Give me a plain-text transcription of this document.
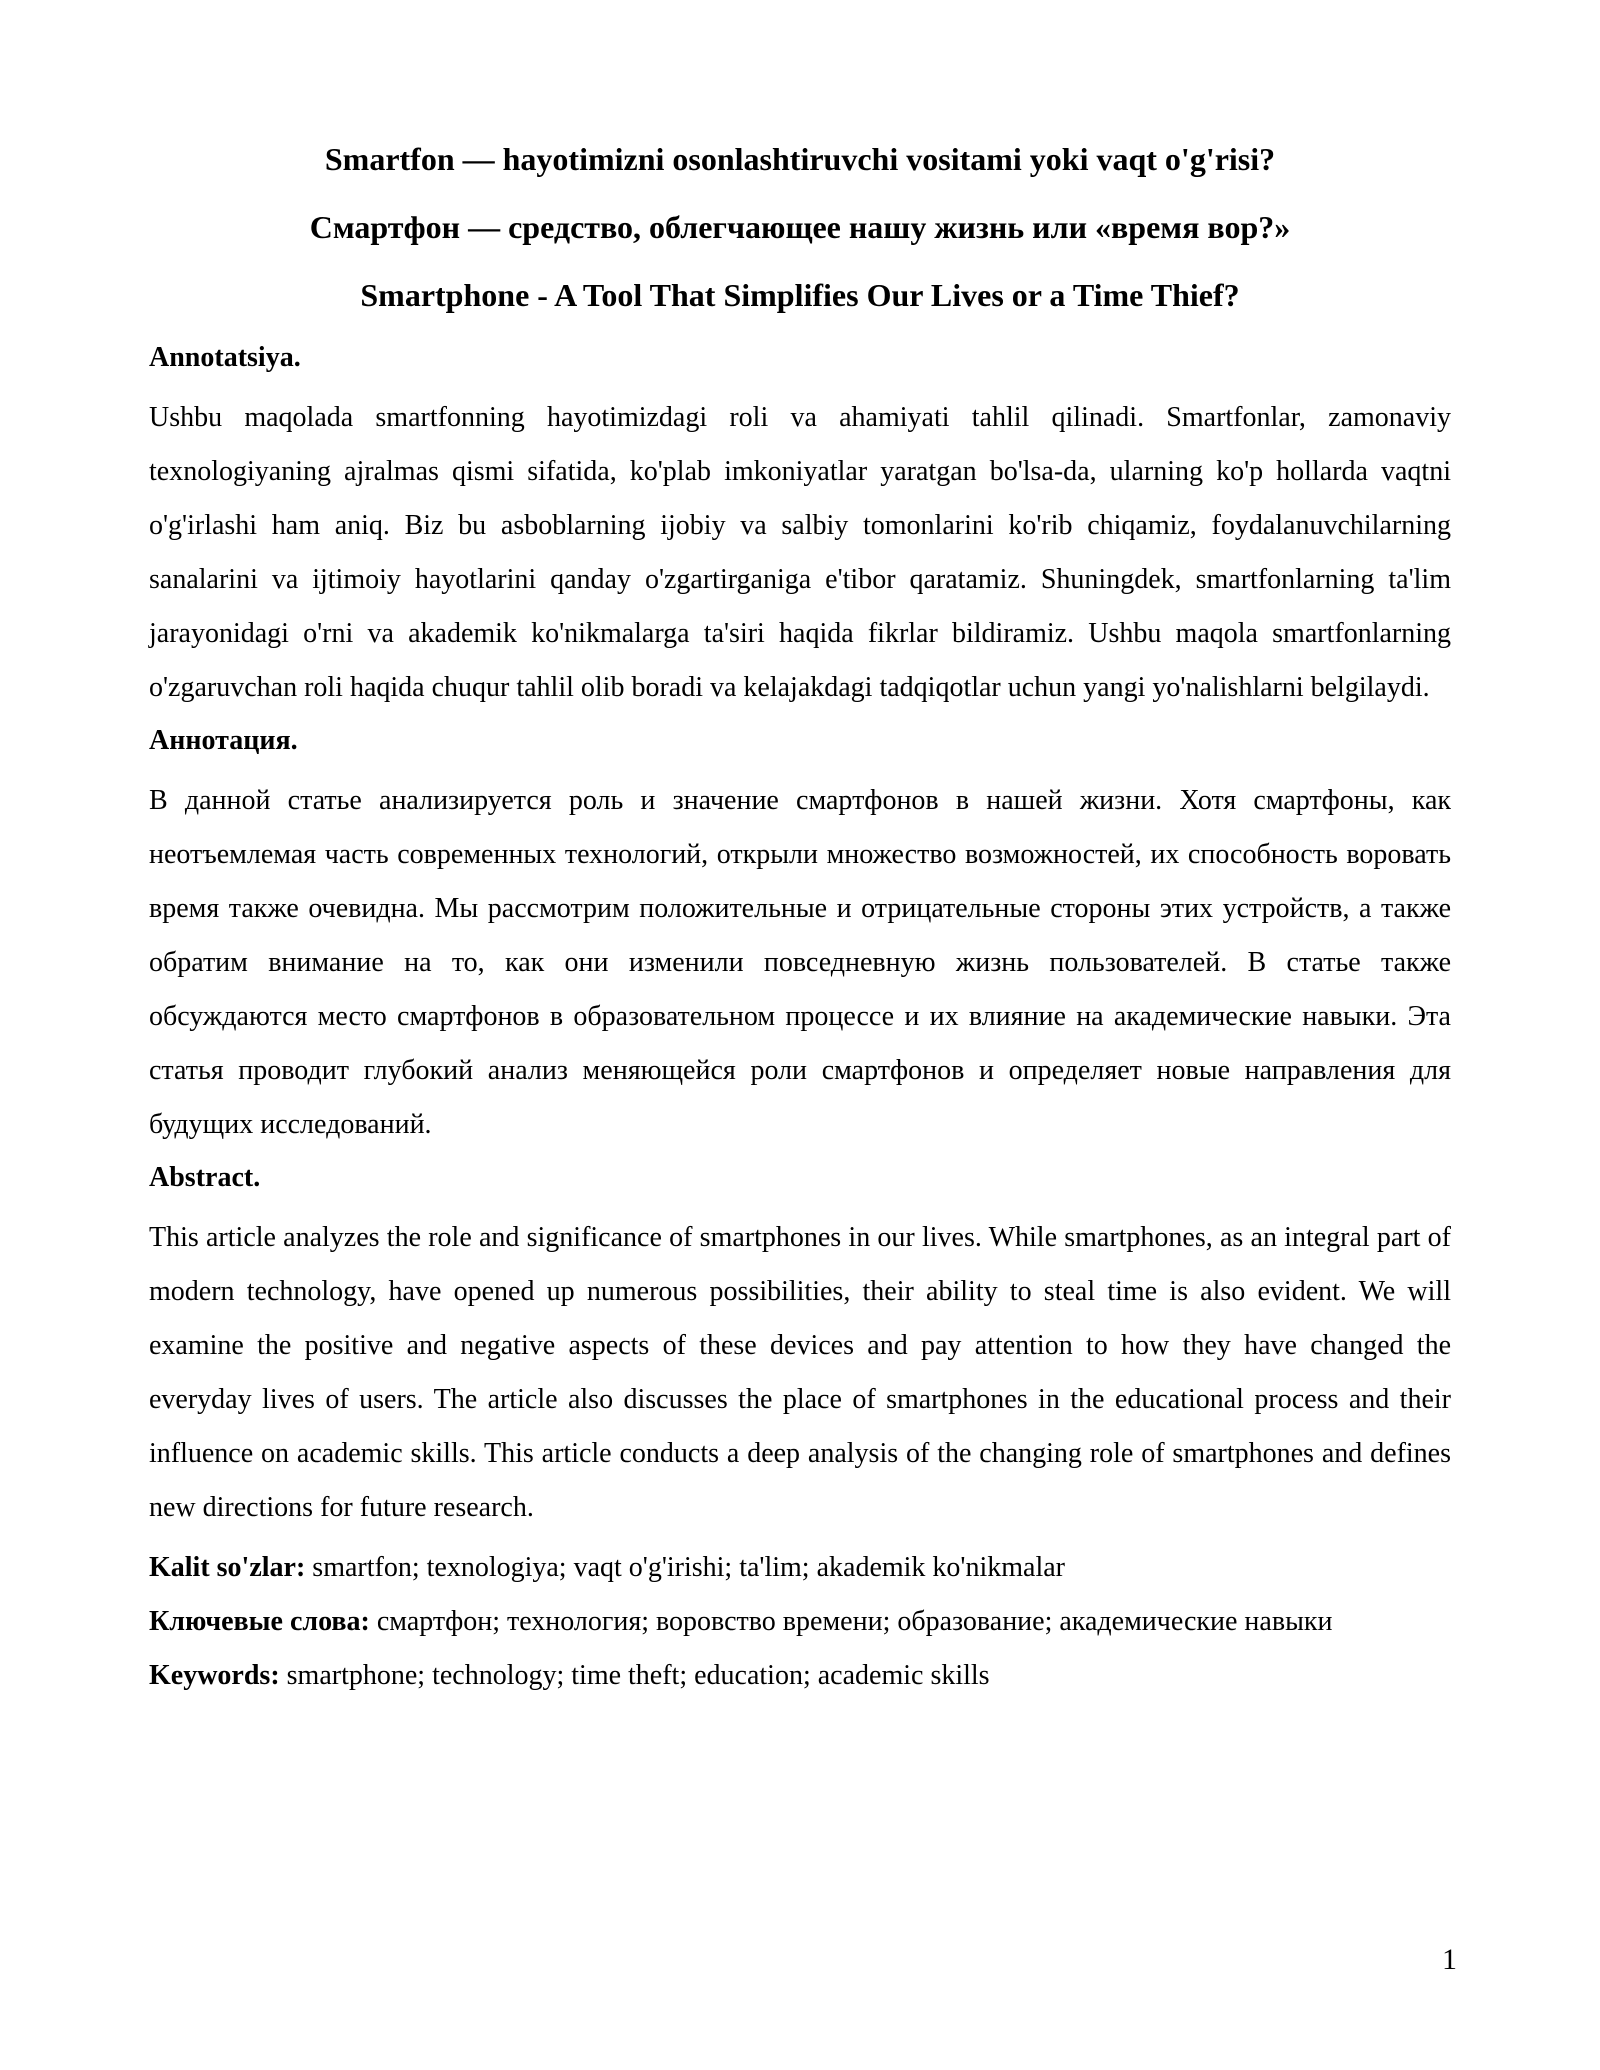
Smartfon — hayotimizni osonlashtiruvchi vositami yoki vaqt o'g'risi?
Смартфон — средство, облегчающее нашу жизнь или «время вор?»
Smartphone - A Tool That Simplifies Our Lives or a Time Thief?
Annotatsiya.

Ushbu maqolada smartfonning hayotimizdagi roli va ahamiyati tahlil qilinadi. Smartfonlar, zamonaviy texnologiyaning ajralmas qismi sifatida, ko'plab imkoniyatlar yaratgan bo'lsa-da, ularning ko'p hollarda vaqtni o'g'irlashi ham aniq. Biz bu asboblarning ijobiy va salbiy tomonlarini ko'rib chiqamiz, foydalanuvchilarning sanalarini va ijtimoiy hayotlarini qanday o'zgartirganiga e'tibor qaratamiz. Shuningdek, smartfonlarning ta'lim jarayonidagi o'rni va akademik ko'nikmalarga ta'siri haqida fikrlar bildiramiz. Ushbu maqola smartfonlarning o'zgaruvchan roli haqida chuqur tahlil olib boradi va kelajakdagi tadqiqotlar uchun yangi yo'nalishlarni belgilaydi.

Аннотация.

В данной статье анализируется роль и значение смартфонов в нашей жизни. Хотя смартфоны, как неотъемлемая часть современных технологий, открыли множество возможностей, их способность воровать время также очевидна. Мы рассмотрим положительные и отрицательные стороны этих устройств, а также обратим внимание на то, как они изменили повседневную жизнь пользователей. В статье также обсуждаются место смартфонов в образовательном процессе и их влияние на академические навыки. Эта статья проводит глубокий анализ меняющейся роли смартфонов и определяет новые направления для будущих исследований.

Abstract.

This article analyzes the role and significance of smartphones in our lives. While smartphones, as an integral part of modern technology, have opened up numerous possibilities, their ability to steal time is also evident. We will examine the positive and negative aspects of these devices and pay attention to how they have changed the everyday lives of users. The article also discusses the place of smartphones in the educational process and their influence on academic skills. This article conducts a deep analysis of the changing role of smartphones and defines new directions for future research.

Kalit so'zlar: smartfon; texnologiya; vaqt o'g'irishi; ta'lim; akademik ko'nikmalar

Ключевые слова: смартфон; технология; воровство времени; образование; академические навыки

Keywords: smartphone; technology; time theft; education; academic skills

1
